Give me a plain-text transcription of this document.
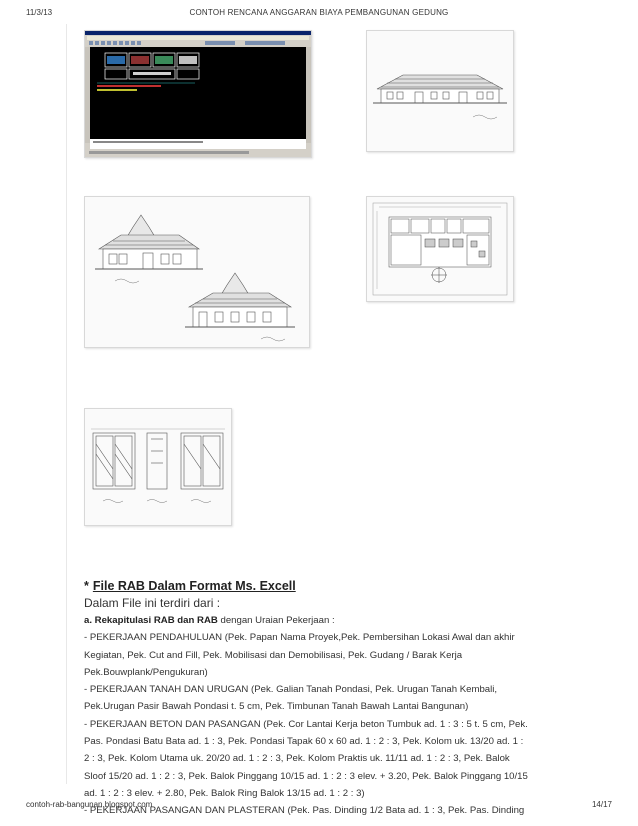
11/3/13	CONTOH RENCANA ANGGARAN BIAYA PEMBANGUNAN GEDUNG
* File RAB Dalam Format Ms. Excell
Dalam File ini terdiri dari :
a. Rekapitulasi RAB dan RAB dengan Uraian Pekerjaan :
- PEKERJAAN PENDAHULUAN (Pek. Papan Nama Proyek,Pek. Pembersihan Lokasi Awal dan akhir
Kegiatan, Pek. Cut and Fill, Pek. Mobilisasi dan Demobilisasi, Pek. Gudang / Barak Kerja
Pek.Bouwplank/Pengukuran)
- PEKERJAAN TANAH DAN URUGAN (Pek. Galian Tanah Pondasi, Pek. Urugan Tanah Kembali,
Pek.Urugan Pasir Bawah Pondasi t. 5 cm, Pek. Timbunan Tanah Bawah Lantai Bangunan)
- PEKERJAAN BETON DAN PASANGAN (Pek. Cor Lantai Kerja beton Tumbuk ad. 1 : 3 : 5 t. 5 cm, Pek.
Pas. Pondasi Batu Bata ad. 1 : 3, Pek. Pondasi Tapak 60 x 60 ad. 1 : 2 : 3, Pek. Kolom uk. 13/20 ad. 1 :
2 : 3, Pek. Kolom Utama uk. 20/20 ad. 1 : 2 : 3, Pek. Kolom Praktis uk. 11/11 ad. 1 : 2 : 3, Pek. Balok
Sloof 15/20 ad. 1 : 2 : 3, Pek. Balok Pinggang 10/15 ad. 1 : 2 : 3 elev. + 3.20, Pek. Balok Pinggang 10/15
ad. 1 : 2 : 3 elev. + 2.80, Pek. Balok Ring Balok 13/15 ad. 1 : 2 : 3)
- PEKERJAAN PASANGAN DAN PLASTERAN (Pek. Pas. Dinding 1/2 Bata ad. 1 : 3, Pek. Pas. Dinding
contoh-rab-bangunan.blogspot.com	14/17
